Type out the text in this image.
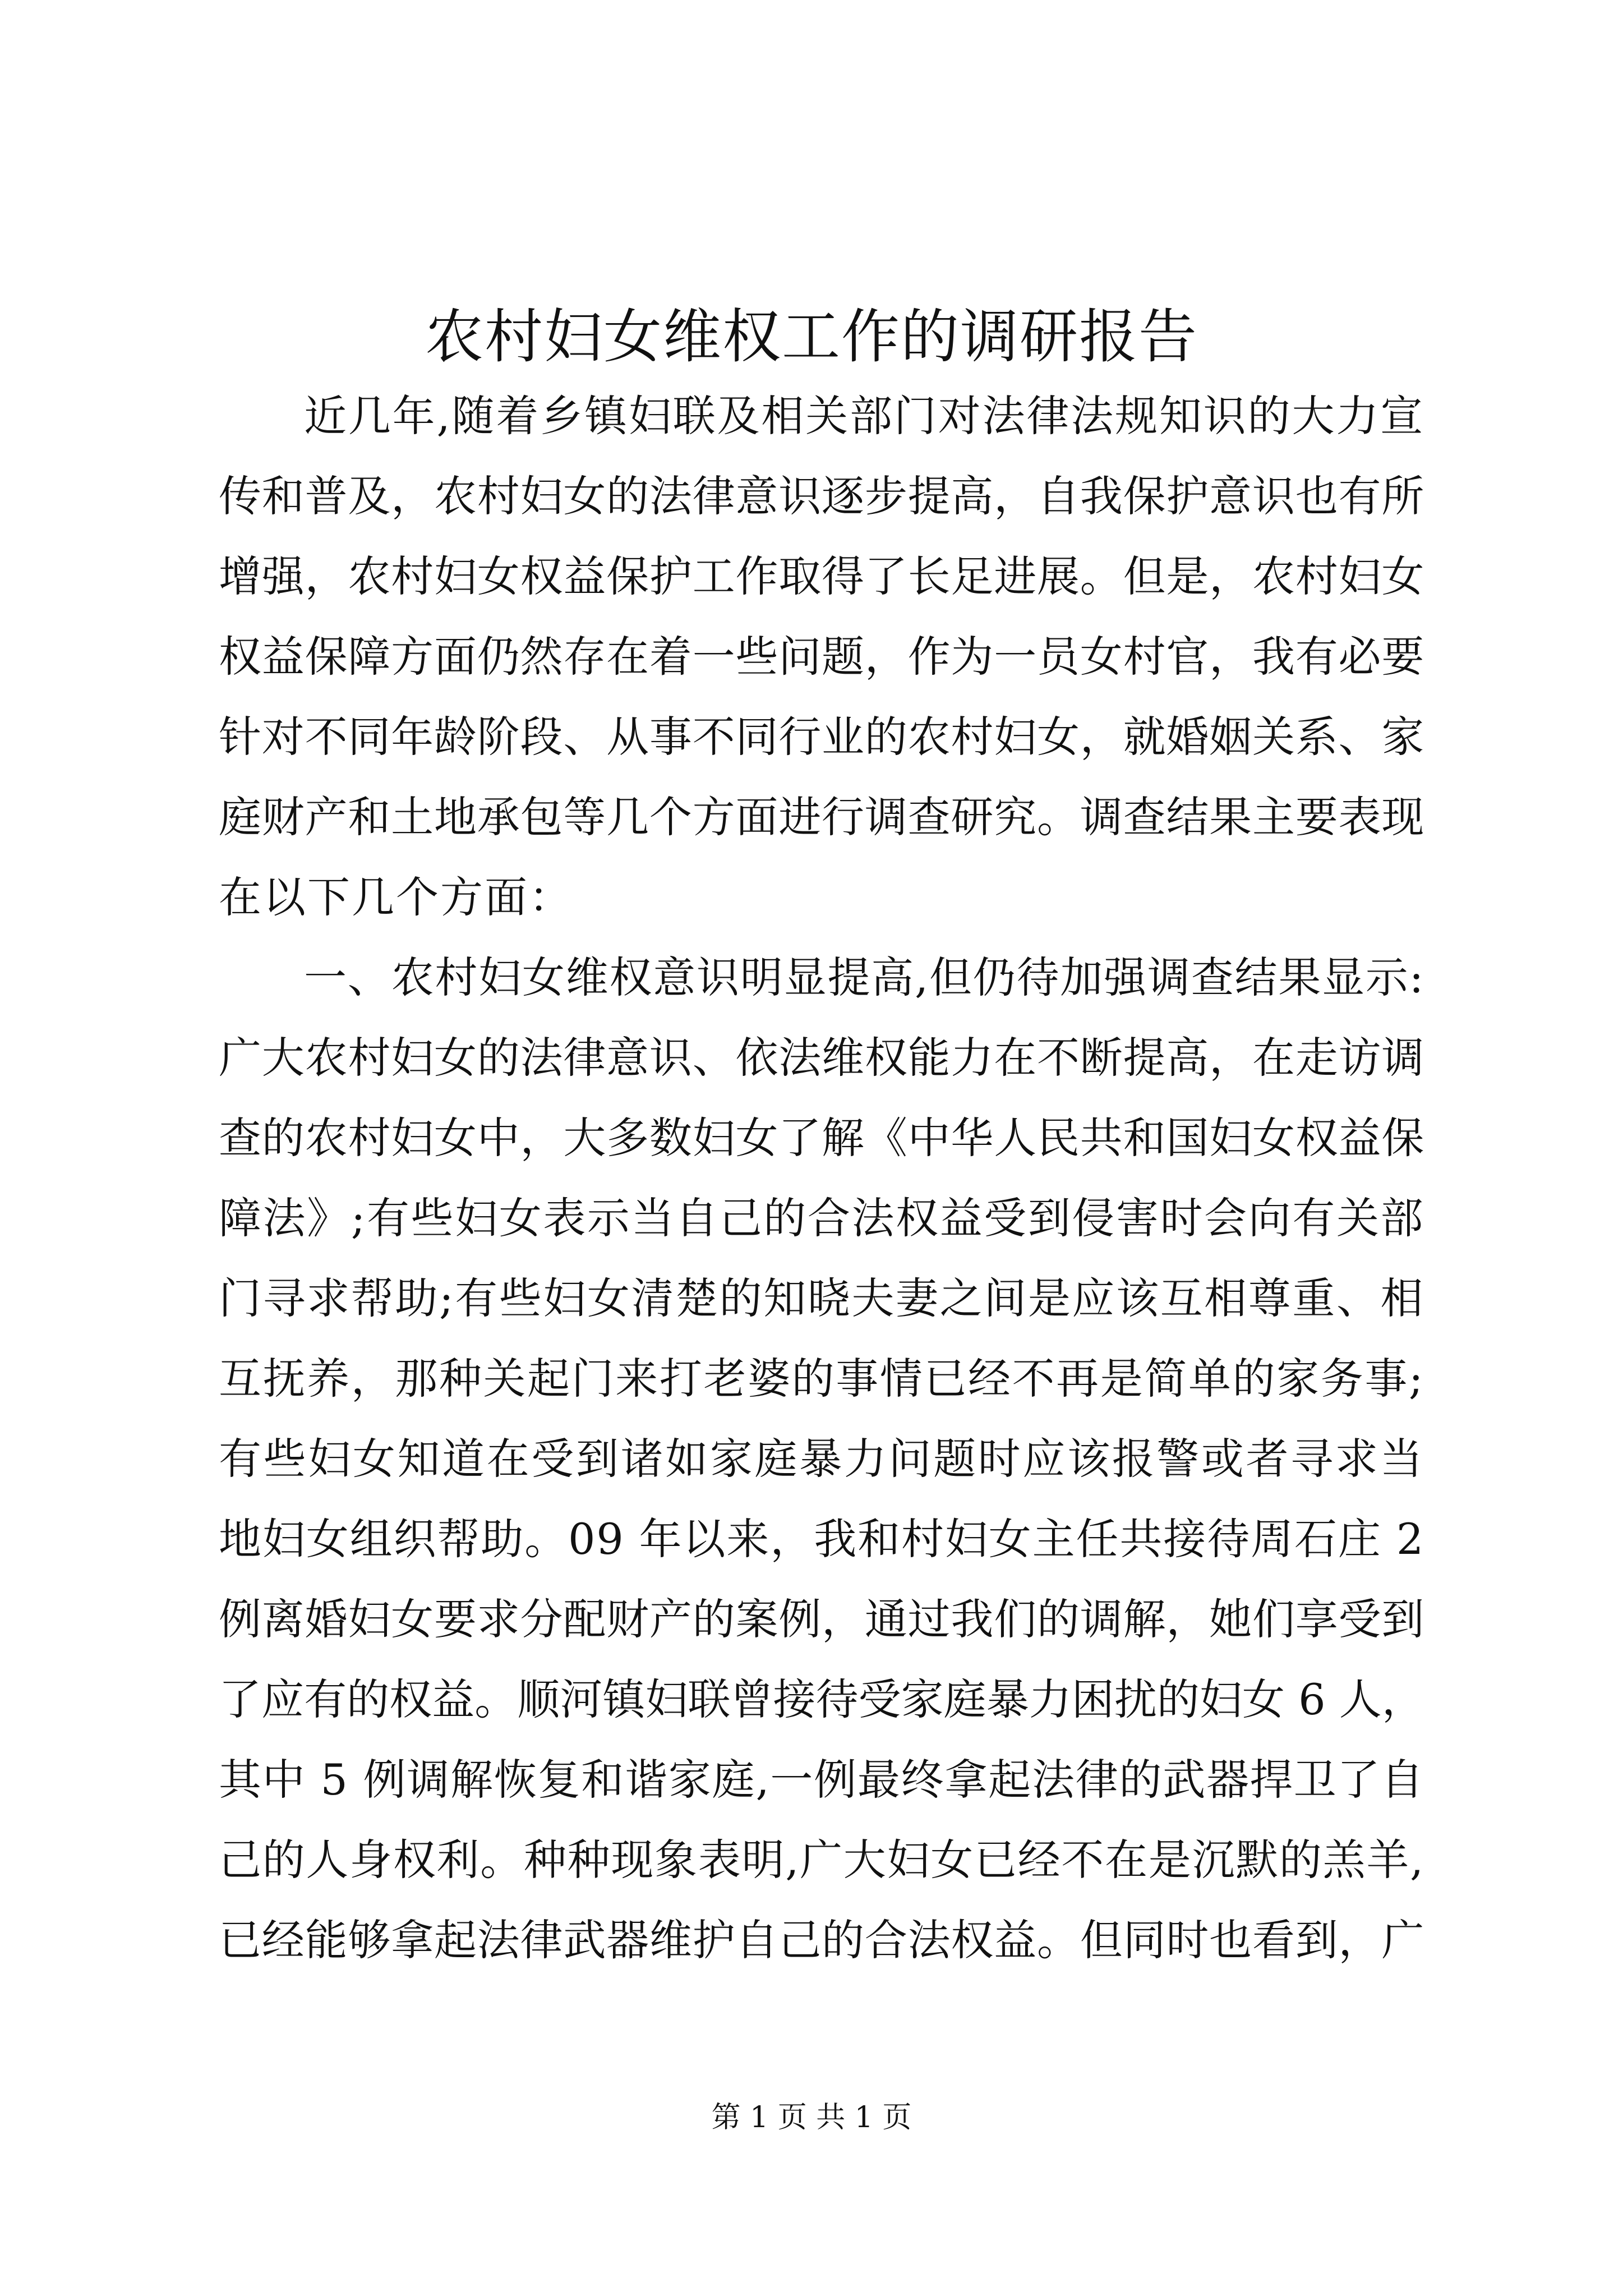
农村妇女维权工作的调研报告
近几年,随着乡镇妇联及相关部门对法律法规知识的大力宣
传和普及，农村妇女的法律意识逐步提高，自我保护意识也有所
增强，农村妇女权益保护工作取得了长足进展。但是，农村妇女
权益保障方面仍然存在着一些问题，作为一员女村官，我有必要
针对不同年龄阶段、从事不同行业的农村妇女，就婚姻关系、家
庭财产和土地承包等几个方面进行调查研究。调查结果主要表现
在以下几个方面：
一、农村妇女维权意识明显提高,但仍待加强调查结果显示:
广大农村妇女的法律意识、依法维权能力在不断提高，在走访调
查的农村妇女中，大多数妇女了解《中华人民共和国妇女权益保
障法》;有些妇女表示当自己的合法权益受到侵害时会向有关部
门寻求帮助;有些妇女清楚的知晓夫妻之间是应该互相尊重、相
互抚养，那种关起门来打老婆的事情已经不再是简单的家务事;
有些妇女知道在受到诸如家庭暴力问题时应该报警或者寻求当
地妇女组织帮助。09 年以来，我和村妇女主任共接待周石庄 2
例离婚妇女要求分配财产的案例，通过我们的调解，她们享受到
了应有的权益。顺河镇妇联曾接待受家庭暴力困扰的妇女 6 人，
其中 5 例调解恢复和谐家庭,一例最终拿起法律的武器捍卫了自
己的人身权利。种种现象表明,广大妇女已经不在是沉默的羔羊,
已经能够拿起法律武器维护自己的合法权益。但同时也看到，广
第 1 页 共 1 页
